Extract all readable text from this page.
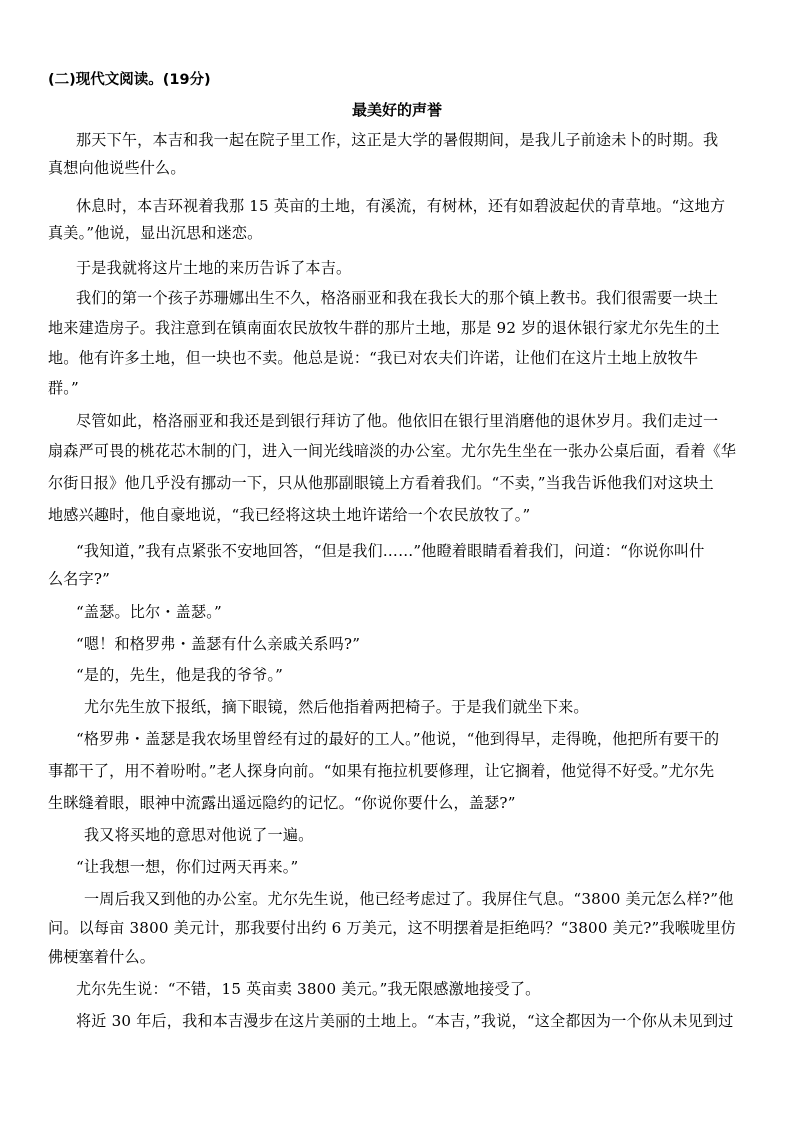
(二)现代文阅读。(19分)
最美好的声誉
那天下午，本吉和我一起在院子里工作，这正是大学的暑假期间，是我儿子前途未卜的时期。我
真想向他说些什么。
休息时，本吉环视着我那 15 英亩的土地，有溪流，有树林，还有如碧波起伏的青草地。“这地方
真美。”他说，显出沉思和迷恋。
于是我就将这片土地的来历告诉了本吉。
我们的第一个孩子苏珊娜出生不久，格洛丽亚和我在我长大的那个镇上教书。我们很需要一块土
地来建造房子。我注意到在镇南面农民放牧牛群的那片土地，那是 92 岁的退休银行家尤尔先生的土
地。他有许多土地，但一块也不卖。他总是说：“我已对农夫们许诺，让他们在这片土地上放牧牛
群。”
尽管如此，格洛丽亚和我还是到银行拜访了他。他依旧在银行里消磨他的退休岁月。我们走过一
扇森严可畏的桃花芯木制的门，进入一间光线暗淡的办公室。尤尔先生坐在一张办公桌后面，看着《华
尔街日报》他几乎没有挪动一下，只从他那副眼镜上方看着我们。“不卖，”当我告诉他我们对这块土
地感兴趣时，他自豪地说，“我已经将这块土地许诺给一个农民放牧了。”
“我知道，”我有点紧张不安地回答，“但是我们……”他瞪着眼睛看着我们，问道：“你说你叫什
么名字?”
“盖瑟。比尔・盖瑟。”
“嗯！和格罗弗・盖瑟有什么亲戚关系吗?”
“是的，先生，他是我的爷爷。”
尤尔先生放下报纸，摘下眼镜，然后他指着两把椅子。于是我们就坐下来。
“格罗弗・盖瑟是我农场里曾经有过的最好的工人。”他说，“他到得早，走得晚，他把所有要干的
事都干了，用不着吩咐。”老人探身向前。“如果有拖拉机要修理，让它搁着，他觉得不好受。”尤尔先
生眯缝着眼，眼神中流露出遥远隐约的记忆。“你说你要什么，盖瑟?”
我又将买地的意思对他说了一遍。
“让我想一想，你们过两天再来。”
一周后我又到他的办公室。尤尔先生说，他已经考虑过了。我屏住气息。“3800 美元怎么样?”他
问。以每亩 3800 美元计，那我要付出约 6 万美元，这不明摆着是拒绝吗？“3800 美元?”我喉咙里仿
佛梗塞着什么。
尤尔先生说：“不错，15 英亩卖 3800 美元。”我无限感激地接受了。
将近 30 年后，我和本吉漫步在这片美丽的土地上。“本吉，”我说，“这全都因为一个你从未见到过
